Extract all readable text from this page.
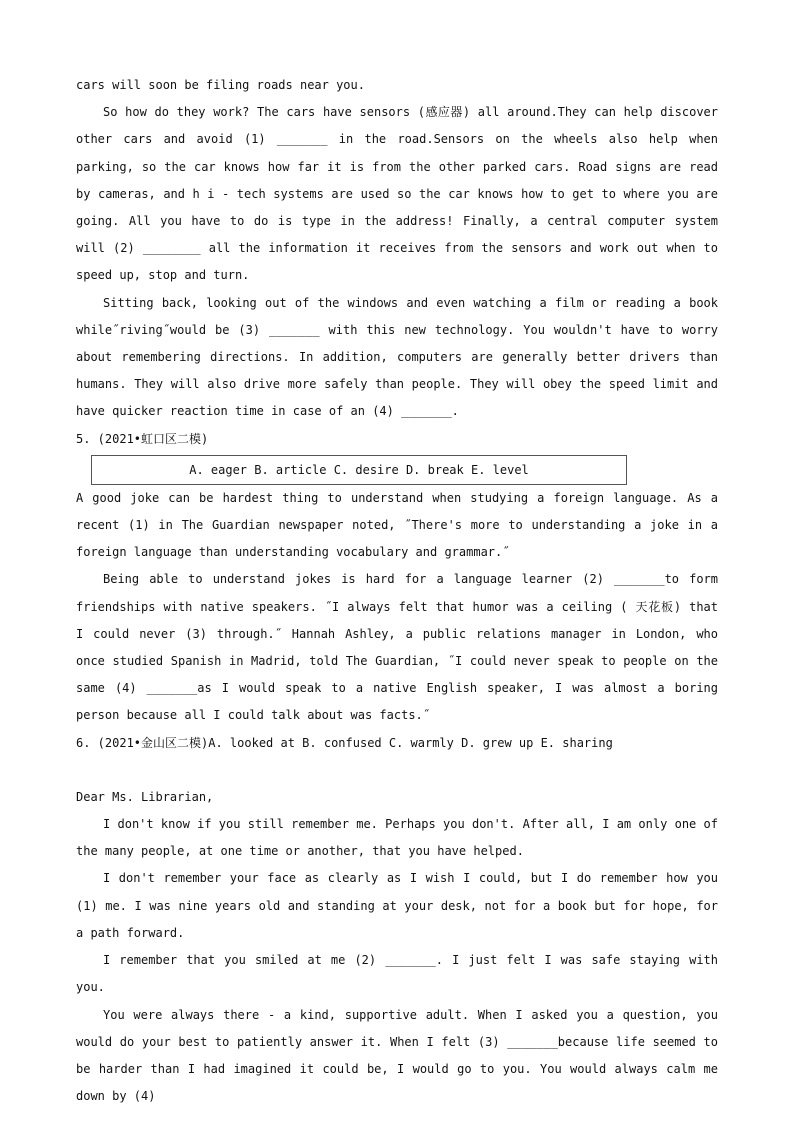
cars will soon be filing roads near you.

So how do they work? The cars have sensors (感应器) all around.They can help discover other cars and avoid (1) _______ in the road.Sensors on the wheels also help when parking, so the car knows how far it is from the other parked cars. Road signs are read by cameras, and h i - tech systems are used so the car knows how to get to where you are going. All you have to do is type in the address! Finally, a central computer system will (2) ________ all the information it receives from the sensors and work out when to speed up, stop and turn.

Sitting back, looking out of the windows and even watching a film or reading a book while˝riving˝would be (3) _______ with this new technology. You wouldn't have to worry about remembering directions. In addition, computers are generally better drivers than humans. They will also drive more safely than people. They will obey the speed limit and have quicker reaction time in case of an (4) _______.

5. (2021•虹口区二模)

A. eager B. article C. desire D. break E. level

A good joke can be hardest thing to understand when studying a foreign language. As a recent (1) in The Guardian newspaper noted, ˝There's more to understanding a joke in a foreign language than understanding vocabulary and grammar.˝

Being able to understand jokes is hard for a language learner (2) _______to form friendships with native speakers. ˝I always felt that humor was a ceiling ( 天花板) that I could never (3) through.˝ Hannah Ashley, a public relations manager in London, who once studied Spanish in Madrid, told The Guardian, ˝I could never speak to people on the same (4) _______as I would speak to a native English speaker, I was almost a boring person because all I could talk about was facts.˝

6. (2021•金山区二模)A. looked at B. confused C. warmly D. grew up E. sharing

Dear Ms. Librarian,

I don't know if you still remember me. Perhaps you don't. After all, I am only one of the many people, at one time or another, that you have helped.

I don't remember your face as clearly as I wish I could, but I do remember how you (1) me. I was nine years old and standing at your desk, not for a book but for hope, for a path forward.

I remember that you smiled at me (2) _______. I just felt I was safe staying with you.

You were always there - a kind, supportive adult. When I asked you a question, you would do your best to patiently answer it. When I felt (3) _______because life seemed to be harder than I had imagined it could be, I would go to you. You would always calm me down by (4)
